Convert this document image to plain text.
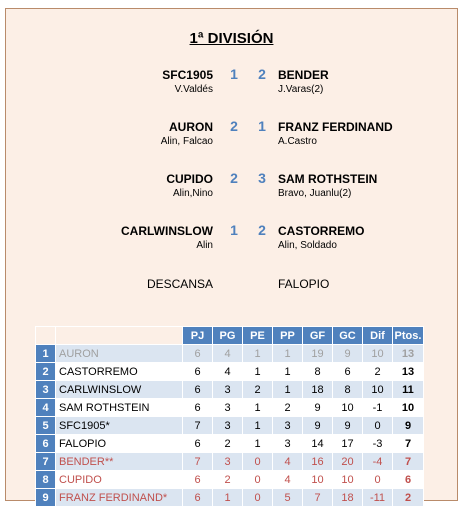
1ª DIVISIÓN
SFC1905 1 2 BENDER
V.Valdés	J.Varas(2)
AURON 2 1 FRANZ FERDINAND
Alin, Falcao	A.Castro
CUPIDO 2 3 SAM ROTHSTEIN
Alin,Nino	Bravo, Juanlu(2)
CARLWINSLOW 1 2 CASTORREMO
Alin	Alin, Soldado
DESCANSA	FALOPIO
		PJ	PG	PE	PP	GF	GC	Dif	Ptos.
1	AURON	6	4	1	1	19	9	10	13
2	CASTORREMO	6	4	1	1	8	6	2	13
3	CARLWINSLOW	6	3	2	1	18	8	10	11
4	SAM ROTHSTEIN	6	3	1	2	9	10	-1	10
5	SFC1905*	7	3	1	3	9	9	0	9
6	FALOPIO	6	2	1	3	14	17	-3	7
7	BENDER**	7	3	0	4	16	20	-4	7
8	CUPIDO	6	2	0	4	10	10	0	6
9	FRANZ FERDINAND*	6	1	0	5	7	18	-11	2
